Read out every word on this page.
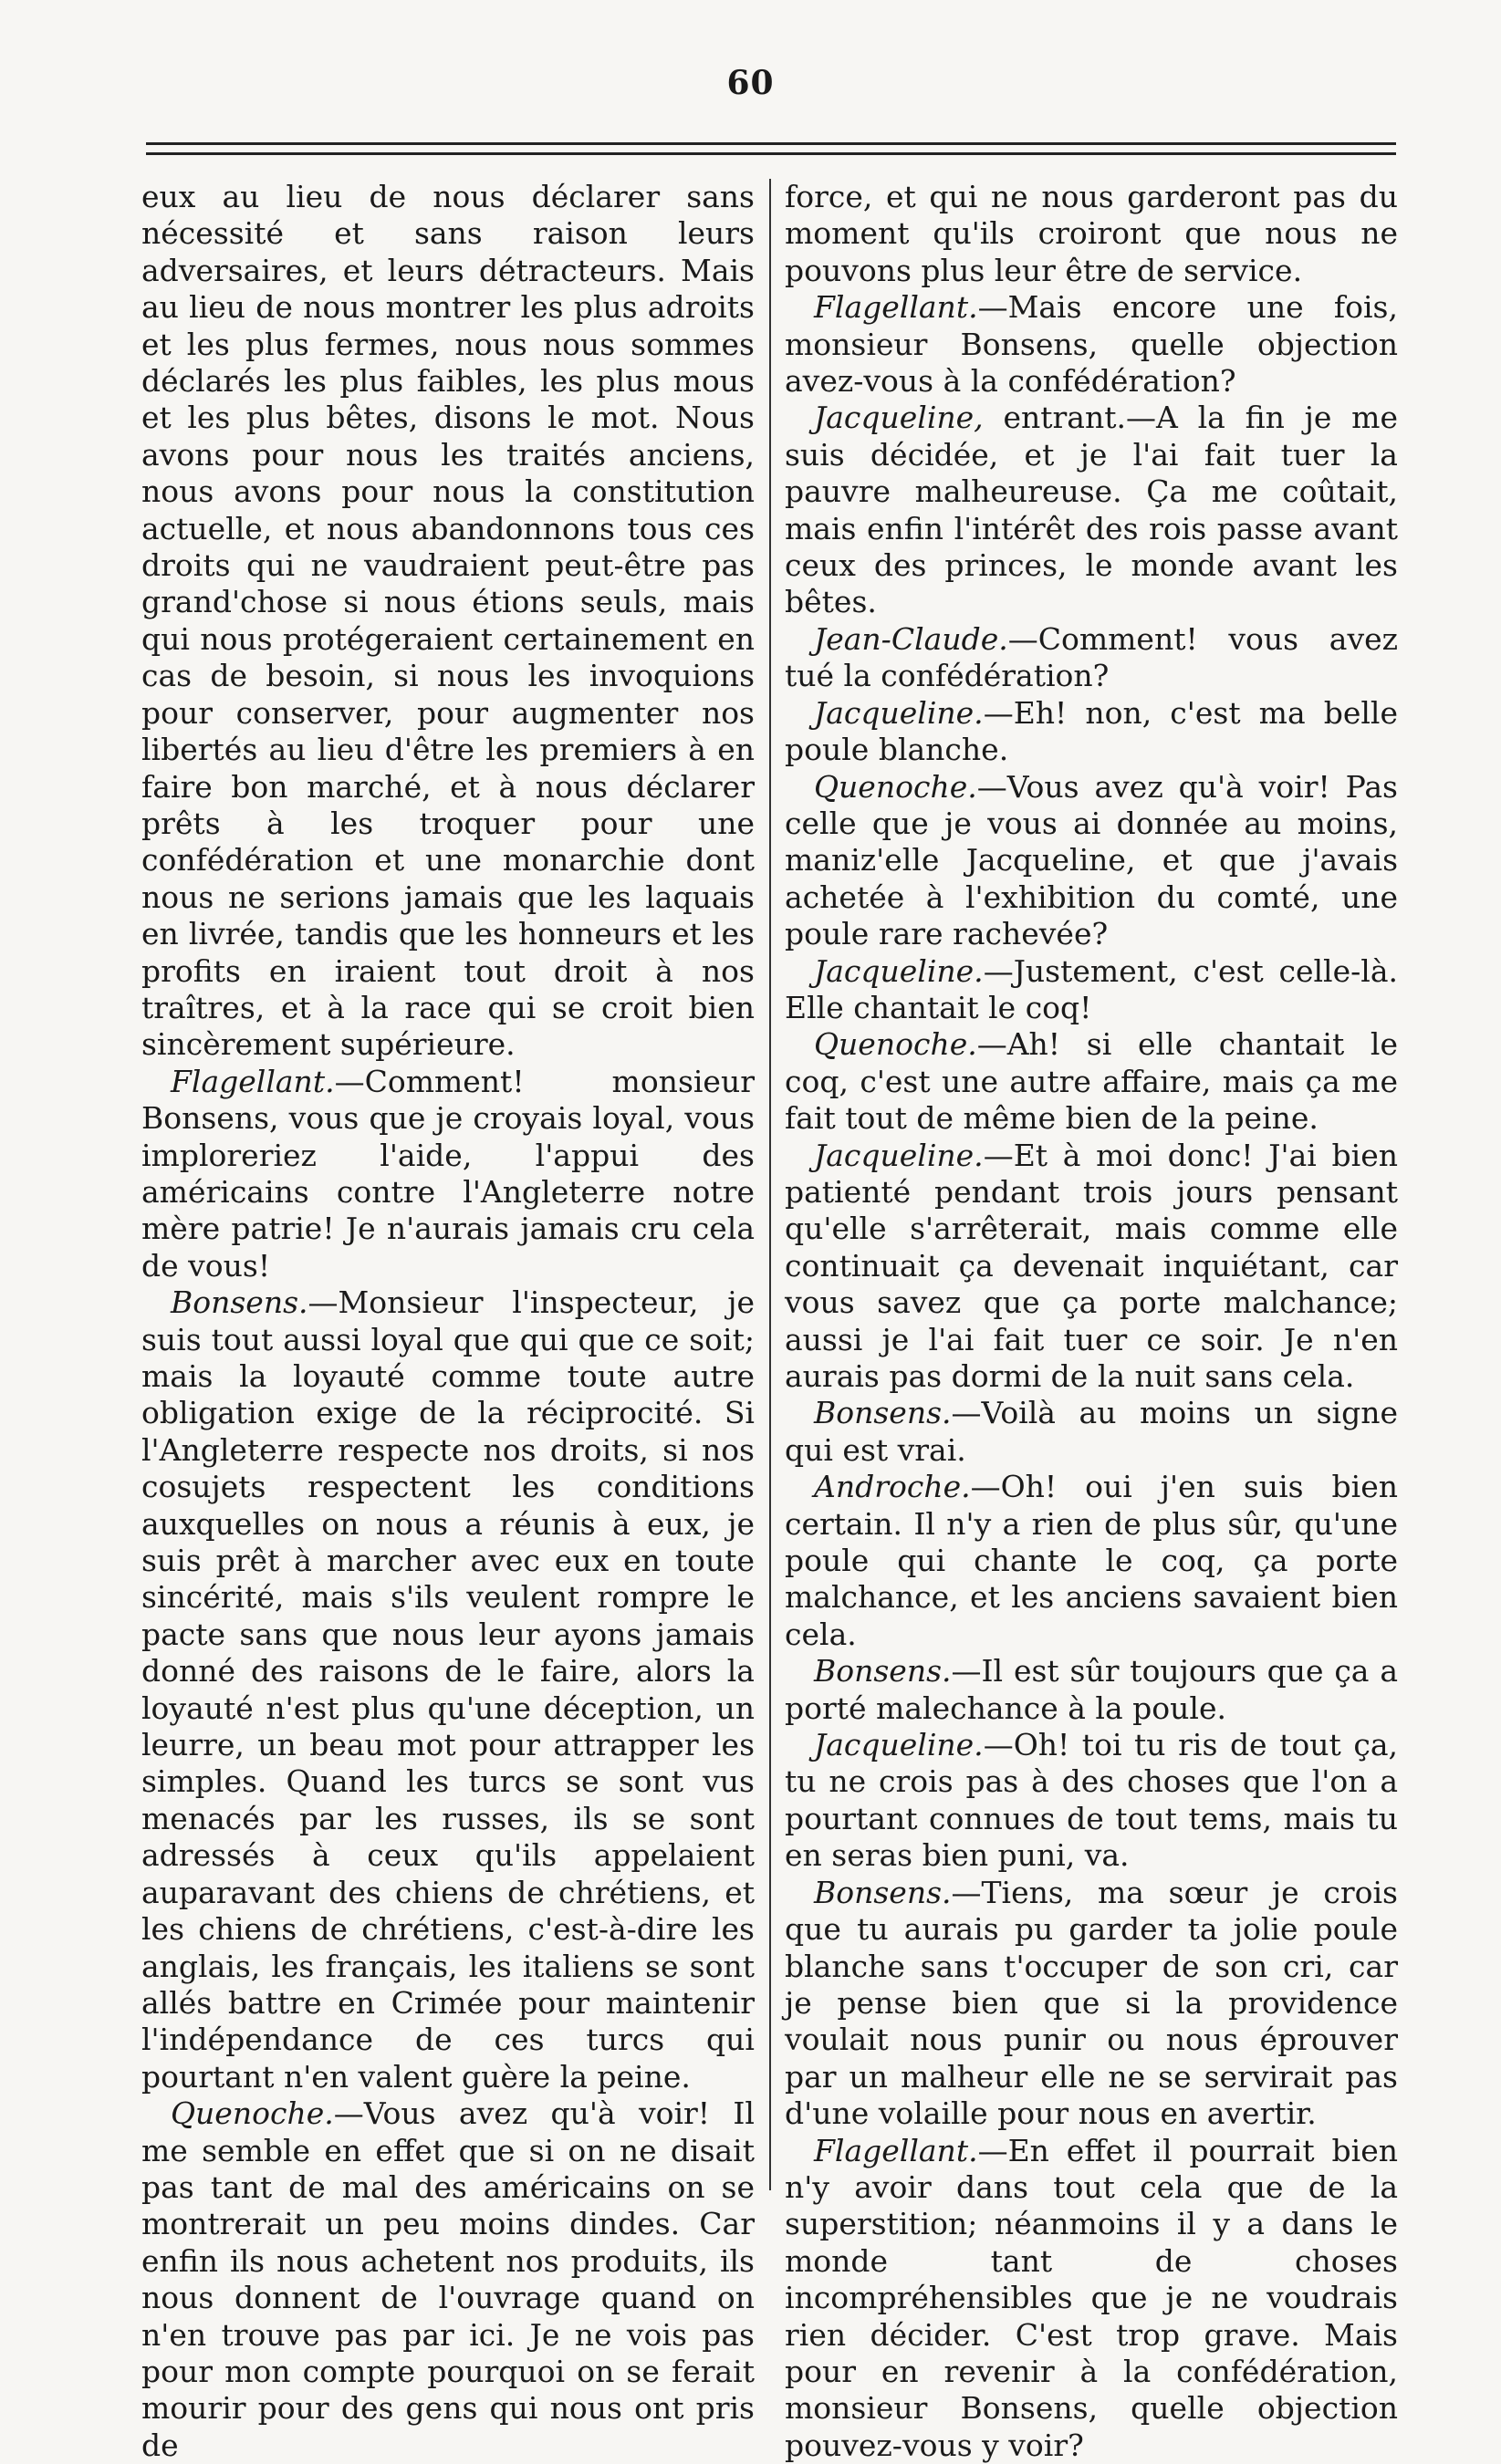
60

eux au lieu de nous déclarer sans nécessité et sans raison leurs adversaires, et leurs détracteurs. Mais au lieu de nous montrer les plus adroits et les plus fermes, nous nous sommes déclarés les plus faibles, les plus mous et les plus bêtes, disons le mot. Nous avons pour nous les traités anciens, nous avons pour nous la constitution actuelle, et nous abandonnons tous ces droits qui ne vaudraient peut-être pas grand'chose si nous étions seuls, mais qui nous protégeraient certainement en cas de besoin, si nous les invoquions pour conserver, pour augmenter nos libertés au lieu d'être les premiers à en faire bon marché, et à nous déclarer prêts à les troquer pour une confédération et une monarchie dont nous ne serions jamais que les laquais en livrée, tandis que les honneurs et les profits en iraient tout droit à nos traîtres, et à la race qui se croit bien sincèrement supérieure.

Flagellant.—Comment! monsieur Bonsens, vous que je croyais loyal, vous imploreriez l'aide, l'appui des américains contre l'Angleterre notre mère patrie! Je n'aurais jamais cru cela de vous!

Bonsens.—Monsieur l'inspecteur, je suis tout aussi loyal que qui que ce soit; mais la loyauté comme toute autre obligation exige de la réciprocité. Si l'Angleterre respecte nos droits, si nos cosujets respectent les conditions auxquelles on nous a réunis à eux, je suis prêt à marcher avec eux en toute sincérité, mais s'ils veulent rompre le pacte sans que nous leur ayons jamais donné des raisons de le faire, alors la loyauté n'est plus qu'une déception, un leurre, un beau mot pour attrapper les simples. Quand les turcs se sont vus menacés par les russes, ils se sont adressés à ceux qu'ils appelaient auparavant des chiens de chrétiens, et les chiens de chrétiens, c'est-à-dire les anglais, les français, les italiens se sont allés battre en Crimée pour maintenir l'indépendance de ces turcs qui pourtant n'en valent guère la peine.

Quenoche.—Vous avez qu'à voir! Il me semble en effet que si on ne disait pas tant de mal des américains on se montrerait un peu moins dindes. Car enfin ils nous achetent nos produits, ils nous donnent de l'ouvrage quand on n'en trouve pas par ici. Je ne vois pas pour mon compte pourquoi on se ferait mourir pour des gens qui nous ont pris de

force, et qui ne nous garderont pas du moment qu'ils croiront que nous ne pouvons plus leur être de service.

Flagellant.—Mais encore une fois, monsieur Bonsens, quelle objection avez-vous à la confédération?

Jacqueline, entrant.—A la fin je me suis décidée, et je l'ai fait tuer la pauvre malheureuse. Ça me coûtait, mais enfin l'intérêt des rois passe avant ceux des princes, le monde avant les bêtes.

Jean-Claude.—Comment! vous avez tué la confédération?

Jacqueline.—Eh! non, c'est ma belle poule blanche.

Quenoche.—Vous avez qu'à voir! Pas celle que je vous ai donnée au moins, maniz'elle Jacqueline, et que j'avais achetée à l'exhibition du comté, une poule rare rachevée?

Jacqueline.—Justement, c'est celle-là. Elle chantait le coq!

Quenoche.—Ah! si elle chantait le coq, c'est une autre affaire, mais ça me fait tout de même bien de la peine.

Jacqueline.—Et à moi donc! J'ai bien patienté pendant trois jours pensant qu'elle s'arrêterait, mais comme elle continuait ça devenait inquiétant, car vous savez que ça porte malchance; aussi je l'ai fait tuer ce soir. Je n'en aurais pas dormi de la nuit sans cela.

Bonsens.—Voilà au moins un signe qui est vrai.

Androche.—Oh! oui j'en suis bien certain. Il n'y a rien de plus sûr, qu'une poule qui chante le coq, ça porte malchance, et les anciens savaient bien cela.

Bonsens.—Il est sûr toujours que ça a porté malechance à la poule.

Jacqueline.—Oh! toi tu ris de tout ça, tu ne crois pas à des choses que l'on a pourtant connues de tout tems, mais tu en seras bien puni, va.

Bonsens.—Tiens, ma sœur je crois que tu aurais pu garder ta jolie poule blanche sans t'occuper de son cri, car je pense bien que si la providence voulait nous punir ou nous éprouver par un malheur elle ne se servirait pas d'une volaille pour nous en avertir.

Flagellant.—En effet il pourrait bien n'y avoir dans tout cela que de la superstition; néanmoins il y a dans le monde tant de choses incompréhensibles que je ne voudrais rien décider. C'est trop grave. Mais pour en revenir à la confédération, monsieur Bonsens, quelle objection pouvez-vous y voir?
